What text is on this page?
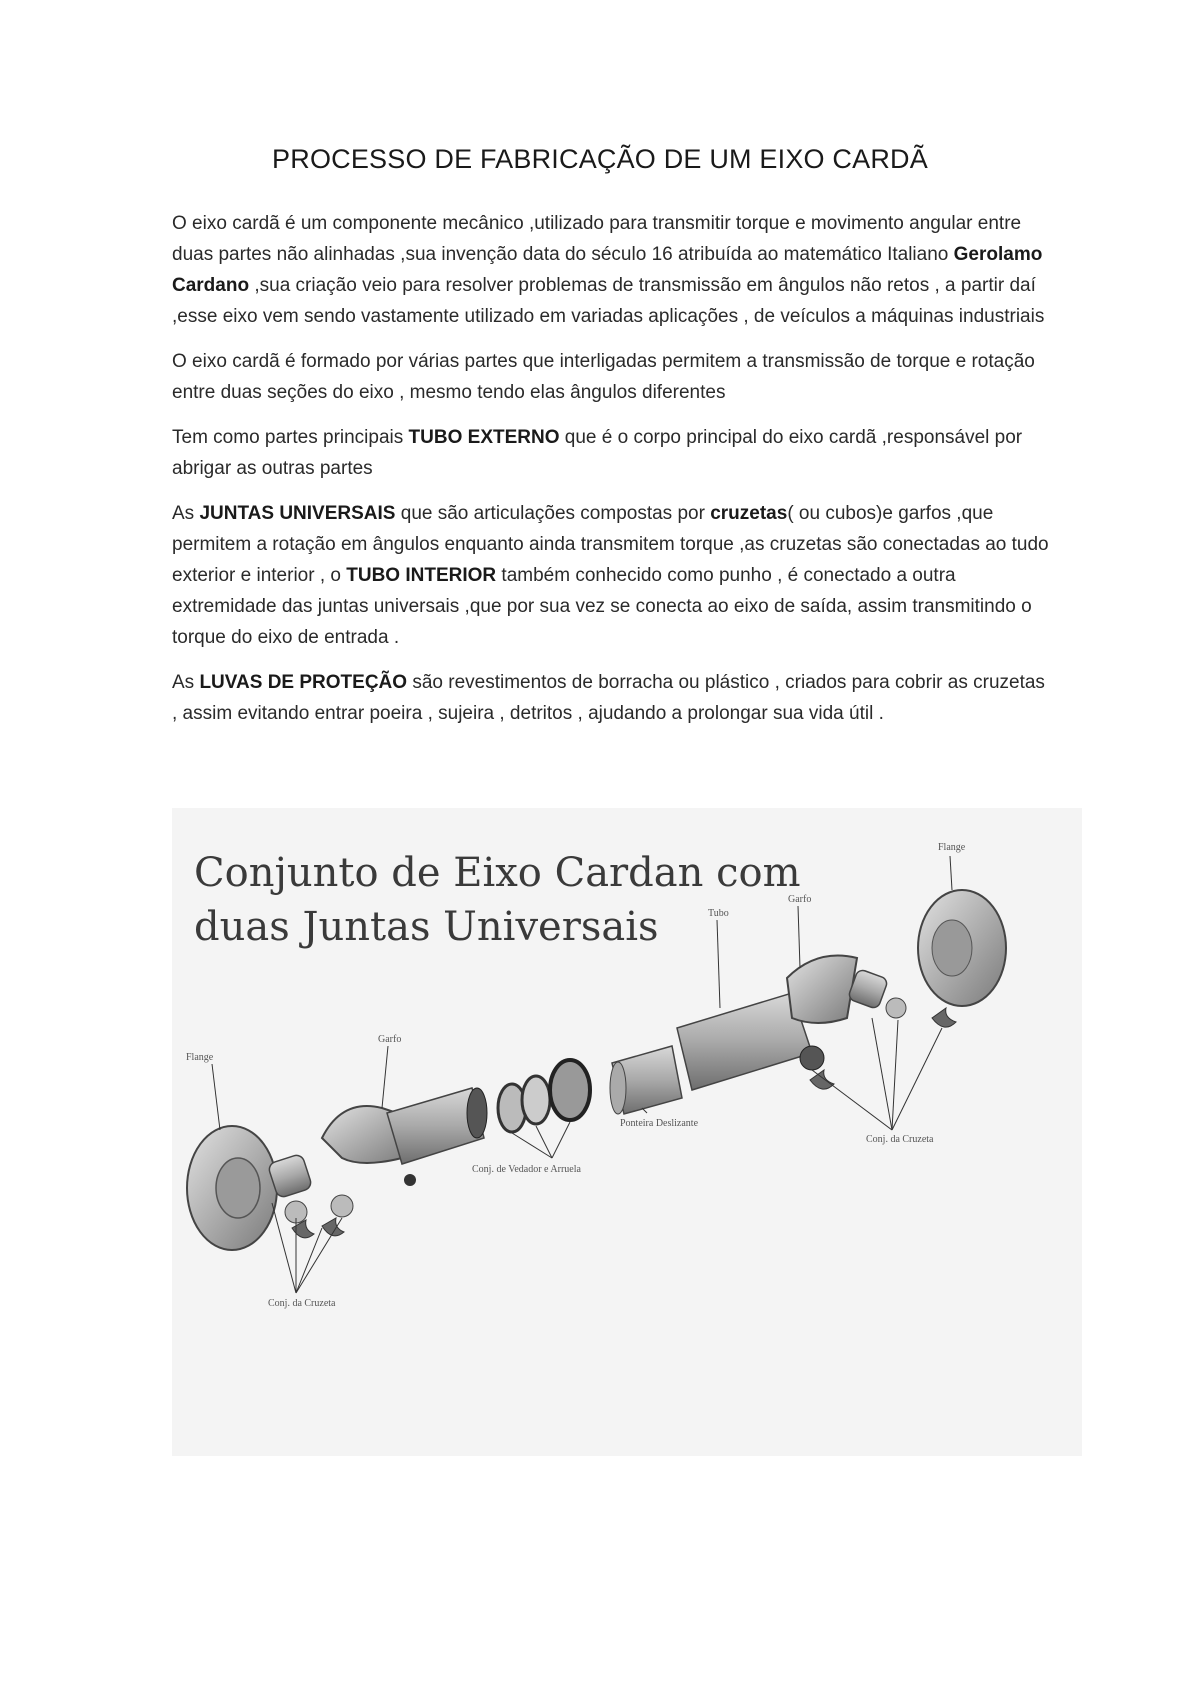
PROCESSO DE FABRICAÇÃO DE UM EIXO CARDÃ

O eixo cardã é um componente mecânico ,utilizado para transmitir torque e movimento angular entre duas partes não alinhadas ,sua invenção data do século 16 atribuída ao matemático Italiano Gerolamo Cardano ,sua criação veio para resolver problemas de transmissão em ângulos não retos , a partir daí ,esse eixo vem sendo vastamente utilizado em variadas aplicações , de veículos a máquinas industriais

O eixo cardã é formado por várias partes que interligadas permitem a transmissão de torque e rotação entre duas seções do eixo , mesmo tendo elas ângulos diferentes

Tem como partes principais TUBO EXTERNO que é o corpo principal do eixo cardã ,responsável por abrigar as outras partes

As JUNTAS UNIVERSAIS que são articulações compostas por cruzetas( ou cubos)e garfos ,que permitem a rotação em ângulos enquanto ainda transmitem torque ,as cruzetas são conectadas ao tudo exterior e interior , o TUBO INTERIOR também conhecido como punho , é conectado a outra extremidade das juntas universais ,que por sua vez se conecta ao eixo de saída, assim transmitindo o torque do eixo de entrada .

As LUVAS DE PROTEÇÃO são revestimentos de borracha ou plástico , criados para cobrir as cruzetas , assim evitando entrar poeira , sujeira , detritos , ajudando a prolongar sua vida útil .

Conjunto de Eixo Cardan com
duas Juntas Universais
Flange
Garfo
Conj. da Cruzeta
Conj. de Vedador e Arruela
Ponteira Deslizante
Tubo
Garfo
Flange
Conj. da Cruzeta
